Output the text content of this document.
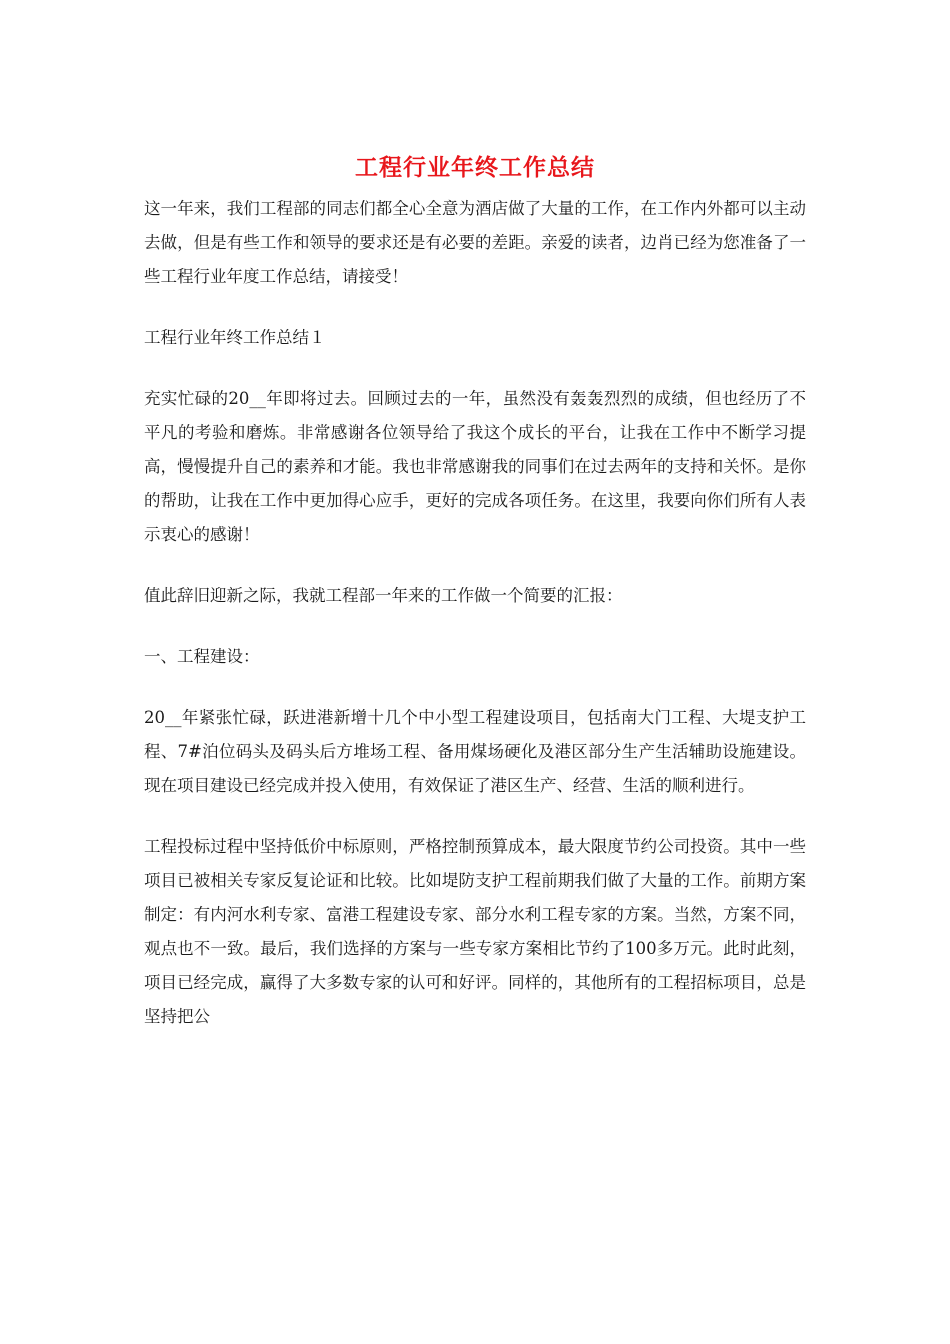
工程行业年终工作总结

这一年来，我们工程部的同志们都全心全意为酒店做了大量的工作，在工作内外都可以主动去做，但是有些工作和领导的要求还是有必要的差距。亲爱的读者，边肖已经为您准备了一些工程行业年度工作总结，请接受！

工程行业年终工作总结１

充实忙碌的20__年即将过去。回顾过去的一年，虽然没有轰轰烈烈的成绩，但也经历了不平凡的考验和磨炼。非常感谢各位领导给了我这个成长的平台，让我在工作中不断学习提高，慢慢提升自己的素养和才能。我也非常感谢我的同事们在过去两年的支持和关怀。是你的帮助，让我在工作中更加得心应手，更好的完成各项任务。在这里，我要向你们所有人表示衷心的感谢！

值此辞旧迎新之际，我就工程部一年来的工作做一个简要的汇报：

一、工程建设：

20__年紧张忙碌，跃进港新增十几个中小型工程建设项目，包括南大门工程、大堤支护工程、7#泊位码头及码头后方堆场工程、备用煤场硬化及港区部分生产生活辅助设施建设。现在项目建设已经完成并投入使用，有效保证了港区生产、经营、生活的顺利进行。

工程投标过程中坚持低价中标原则，严格控制预算成本，最大限度节约公司投资。其中一些项目已被相关专家反复论证和比较。比如堤防支护工程前期我们做了大量的工作。前期方案制定：有内河水利专家、富港工程建设专家、部分水利工程专家的方案。当然，方案不同，观点也不一致。最后，我们选择的方案与一些专家方案相比节约了100多万元。此时此刻，项目已经完成，赢得了大多数专家的认可和好评。同样的，其他所有的工程招标项目，总是坚持把公
